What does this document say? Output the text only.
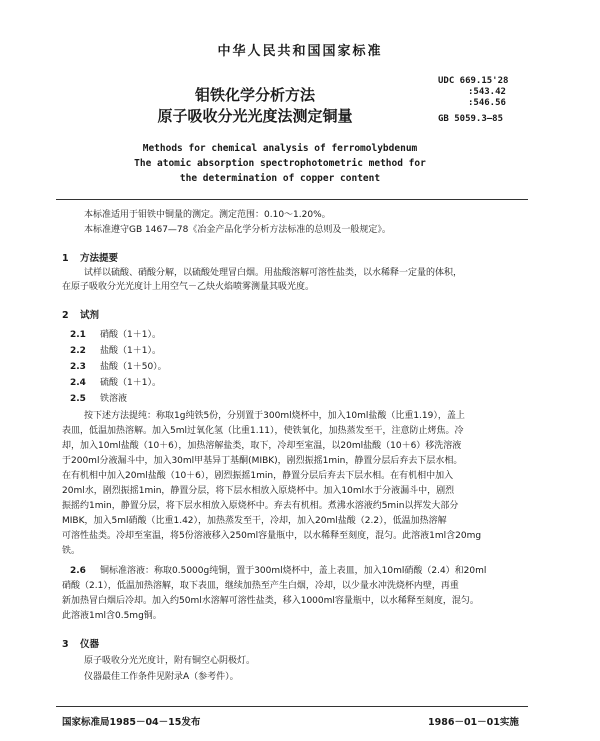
中华人民共和国国家标准
钼铁化学分析方法
原子吸收分光光度法测定铜量
UDC 669.15'28
:543.42
:546.56
GB 5059.3—85
Methods for chemical analysis of ferromolybdenum
The atomic absorption spectrophotometric method for
the determination of copper content
本标准适用于钼铁中铜量的测定。测定范围：0.10～1.20%。
本标准遵守GB 1467—78《冶金产品化学分析方法标准的总则及一般规定》。
1 方法提要
试样以硫酸、硝酸分解，以硫酸处理冒白烟。用盐酸溶解可溶性盐类，以水稀释一定量的体积，
在原子吸收分光光度计上用空气－乙炔火焰喷雾测量其吸光度。
2 试剂
2.1 硝酸（1＋1）。
2.2 盐酸（1＋1）。
2.3 盐酸（1＋50）。
2.4 硫酸（1＋1）。
2.5 铁溶液
按下述方法提纯：称取1g纯铁5份，分别置于300ml烧杯中，加入10ml盐酸（比重1.19），盖上
表皿，低温加热溶解。加入5ml过氧化氢（比重1.11），使铁氧化，加热蒸发至干，注意防止烤焦。冷
却，加入10ml盐酸（10＋6），加热溶解盐类，取下，冷却至室温，以20ml盐酸（10＋6）移洗溶液
于200ml分液漏斗中，加入30ml甲基异丁基酮(MIBK)，剧烈振摇1min，静置分层后弃去下层水相。
在有机相中加入20ml盐酸（10＋6），剧烈振摇1min，静置分层后弃去下层水相。在有机相中加入
20ml水，剧烈振摇1min，静置分层，将下层水相放入原烧杯中。加入10ml水于分液漏斗中，剧烈
振摇约1min，静置分层，将下层水相放入原烧杯中。弃去有机相。煮沸水溶液约5min以挥发大部分
MIBK，加入5ml硝酸（比重1.42），加热蒸发至干，冷却，加入20ml盐酸（2.2），低温加热溶解
可溶性盐类。冷却至室温，将5份溶液移入250ml容量瓶中，以水稀释至刻度，混匀。此溶液1ml含20mg
铁。
2.6 铜标准溶液：称取0.5000g纯铜，置于300ml烧杯中，盖上表皿，加入10ml硝酸（2.4）和20ml
硝酸（2.1），低温加热溶解，取下表皿，继续加热至产生白烟，冷却，以少量水冲洗烧杯内壁，再重
新加热冒白烟后冷却。加入约50ml水溶解可溶性盐类，移入1000ml容量瓶中，以水稀释至刻度，混匀。
此溶液1ml含0.5mg铜。
3 仪器
原子吸收分光光度计，附有铜空心阴极灯。
仪器最佳工作条件见附录A（参考件）。
国家标准局1985－04－15发布	1986－01－01实施
